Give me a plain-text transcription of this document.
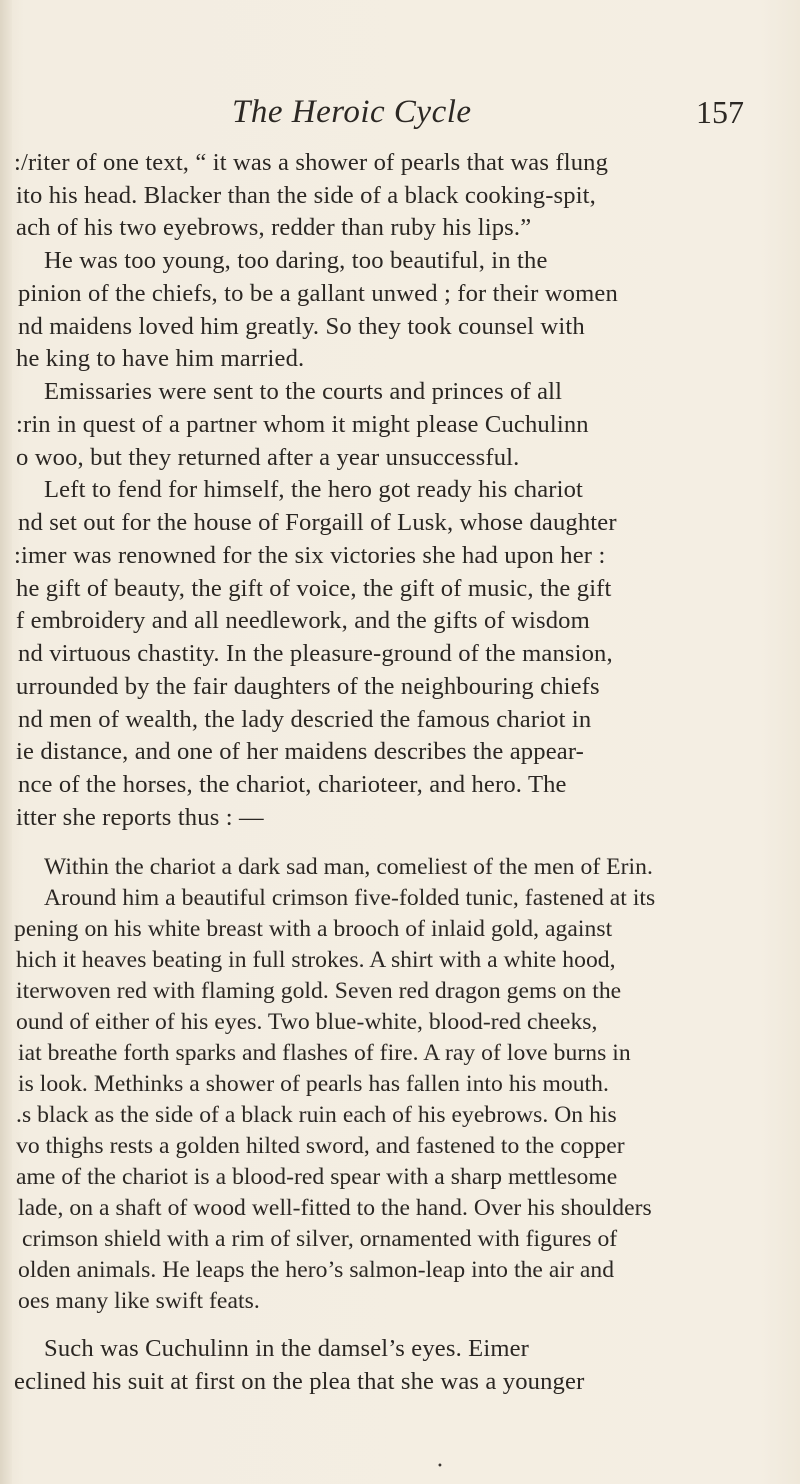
The Heroic Cycle	157
:/riter of one text, “ it was a shower of pearls that was flung
ito his head. Blacker than the side of a black cooking-spit,
ach of his two eyebrows, redder than ruby his lips.”
He was too young, too daring, too beautiful, in the
pinion of the chiefs, to be a gallant unwed ; for their women
nd maidens loved him greatly. So they took counsel with
he king to have him married.
Emissaries were sent to the courts and princes of all
:rin in quest of a partner whom it might please Cuchulinn
o woo, but they returned after a year unsuccessful.
Left to fend for himself, the hero got ready his chariot
nd set out for the house of Forgaill of Lusk, whose daughter
:imer was renowned for the six victories she had upon her :
he gift of beauty, the gift of voice, the gift of music, the gift
f embroidery and all needlework, and the gifts of wisdom
nd virtuous chastity. In the pleasure-ground of the mansion,
urrounded by the fair daughters of the neighbouring chiefs
nd men of wealth, the lady descried the famous chariot in
ie distance, and one of her maidens describes the appear-
nce of the horses, the chariot, charioteer, and hero. The
itter she reports thus : —
Within the chariot a dark sad man, comeliest of the men of Erin.
Around him a beautiful crimson five-folded tunic, fastened at its
pening on his white breast with a brooch of inlaid gold, against
hich it heaves beating in full strokes. A shirt with a white hood,
iterwoven red with flaming gold. Seven red dragon gems on the
ound of either of his eyes. Two blue-white, blood-red cheeks,
iat breathe forth sparks and flashes of fire. A ray of love burns in
is look. Methinks a shower of pearls has fallen into his mouth.
.s black as the side of a black ruin each of his eyebrows. On his
vo thighs rests a golden hilted sword, and fastened to the copper
ame of the chariot is a blood-red spear with a sharp mettlesome
lade, on a shaft of wood well-fitted to the hand. Over his shoulders
crimson shield with a rim of silver, ornamented with figures of
olden animals. He leaps the hero’s salmon-leap into the air and
oes many like swift feats.
Such was Cuchulinn in the damsel’s eyes. Eimer
eclined his suit at first on the plea that she was a younger
•
